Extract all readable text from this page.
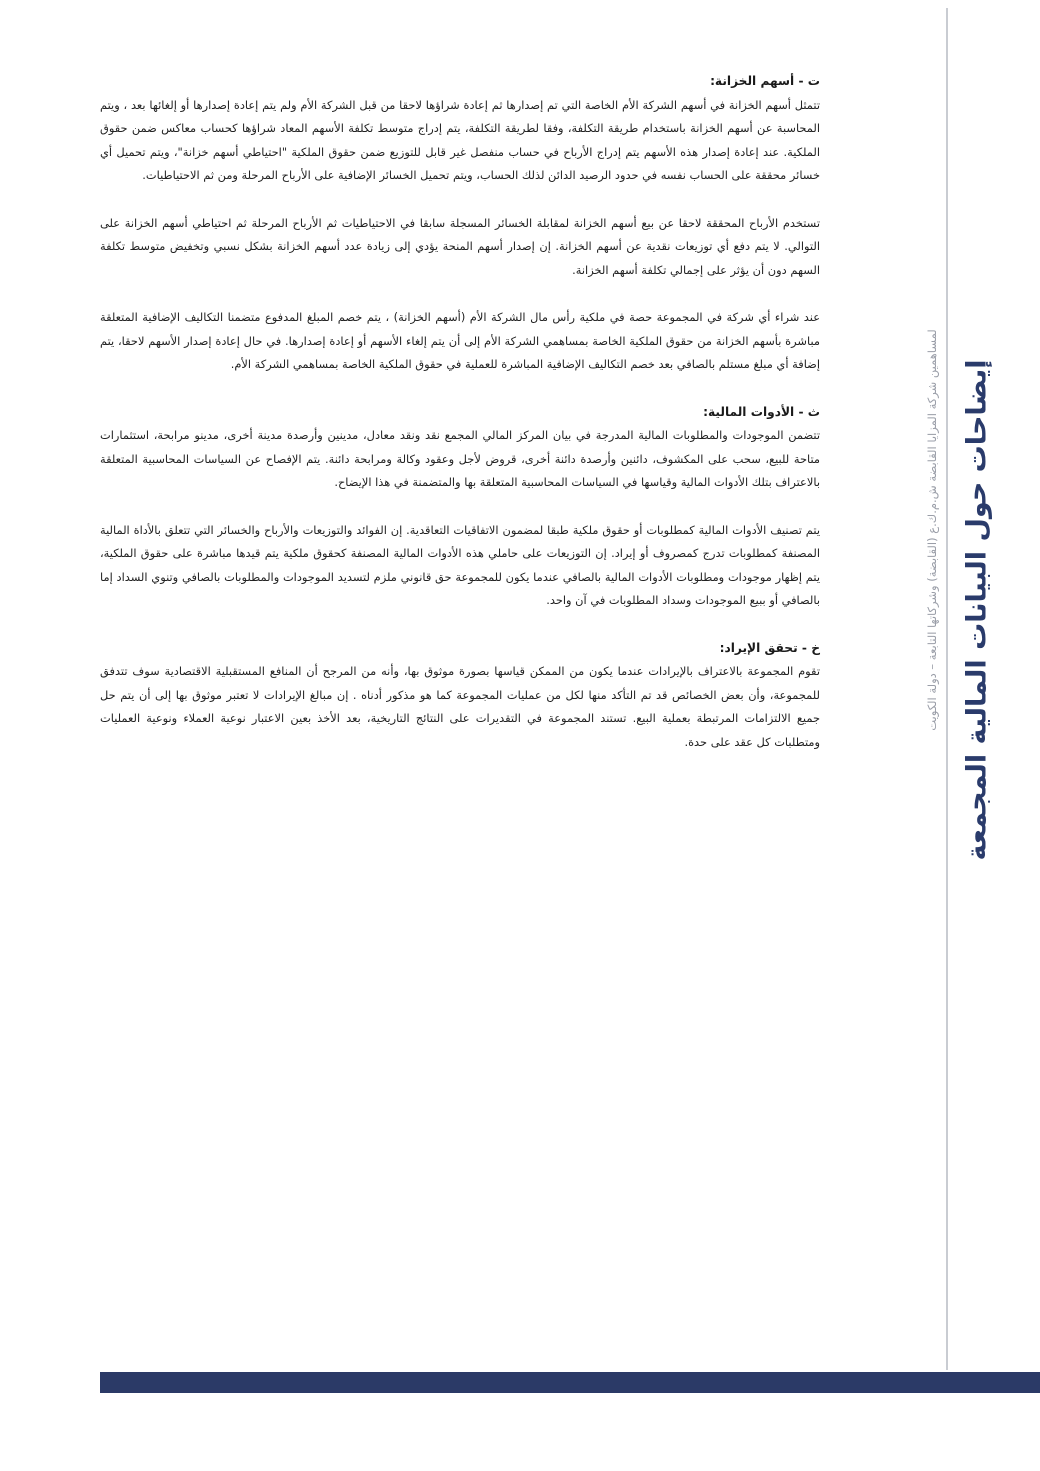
إيضاحات حول البيانات المالية المجمعة
لمساهمين شركة المزايا القابضة ش.م.ك.ع (القابضة) وشركاتها التابعة – دولة الكويت
ت - أسهم الخزانة:

تتمثل أسهم الخزانة في أسهم الشركة الأم الخاصة التي تم إصدارها ثم إعادة شراؤها لاحقا من قبل الشركة الأم ولم يتم إعادة إصدارها أو إلغائها بعد ، ويتم المحاسبة عن أسهم الخزانة باستخدام طريقة التكلفة، وفقا لطريقة التكلفة، يتم إدراج متوسط تكلفة الأسهم المعاد شراؤها كحساب معاكس ضمن حقوق الملكية. عند إعادة إصدار هذه الأسهم يتم إدراج الأرباح في حساب منفصل غير قابل للتوزيع ضمن حقوق الملكية "احتياطي أسهم خزانة"، ويتم تحميل أي خسائر محققة على الحساب نفسه في حدود الرصيد الدائن لذلك الحساب، ويتم تحميل الخسائر الإضافية على الأرباح المرحلة ومن ثم الاحتياطيات.

تستخدم الأرباح المحققة لاحقا عن بيع أسهم الخزانة لمقابلة الخسائر المسجلة سابقا في الاحتياطيات ثم الأرباح المرحلة ثم احتياطي أسهم الخزانة على التوالي. لا يتم دفع أي توزيعات نقدية عن أسهم الخزانة. إن إصدار أسهم المنحة يؤدي إلى زيادة عدد أسهم الخزانة بشكل نسبي وتخفيض متوسط تكلفة السهم دون أن يؤثر على إجمالي تكلفة أسهم الخزانة.

عند شراء أي شركة في المجموعة حصة في ملكية رأس مال الشركة الأم (أسهم الخزانة) ، يتم خصم المبلغ المدفوع متضمنا التكاليف الإضافية المتعلقة مباشرة بأسهم الخزانة من حقوق الملكية الخاصة بمساهمي الشركة الأم إلى أن يتم إلغاء الأسهم أو إعادة إصدارها. في حال إعادة إصدار الأسهم لاحقا، يتم إضافة أي مبلغ مستلم بالصافي بعد خصم التكاليف الإضافية المباشرة للعملية في حقوق الملكية الخاصة بمساهمي الشركة الأم.

ث - الأدوات المالية:

تتضمن الموجودات والمطلوبات المالية المدرجة في بيان المركز المالي المجمع نقد ونقد معادل، مدينين وأرصدة مدينة أخرى، مدينو مرابحة، استثمارات متاحة للبيع، سحب على المكشوف، دائنين وأرصدة دائنة أخرى، قروض لأجل وعقود وكالة ومرابحة دائنة. يتم الإفصاح عن السياسات المحاسبية المتعلقة بالاعتراف بتلك الأدوات المالية وقياسها في السياسات المحاسبية المتعلقة بها والمتضمنة في هذا الإيضاح.

يتم تصنيف الأدوات المالية كمطلوبات أو حقوق ملكية طبقا لمضمون الاتفاقيات التعاقدية. إن الفوائد والتوزيعات والأرباح والخسائر التي تتعلق بالأداة المالية المصنفة كمطلوبات تدرج كمصروف أو إيراد. إن التوزيعات على حاملي هذه الأدوات المالية المصنفة كحقوق ملكية يتم قيدها مباشرة على حقوق الملكية، يتم إظهار موجودات ومطلوبات الأدوات المالية بالصافي عندما يكون للمجموعة حق قانوني ملزم لتسديد الموجودات والمطلوبات بالصافي وتنوي السداد إما بالصافي أو ببيع الموجودات وسداد المطلوبات في آن واحد.

خ - تحقق الإيراد:

تقوم المجموعة بالاعتراف بالإيرادات عندما يكون من الممكن قياسها بصورة موثوق بها، وأنه من المرجح أن المنافع المستقبلية الاقتصادية سوف تتدفق للمجموعة، وأن بعض الخصائص قد تم التأكد منها لكل من عمليات المجموعة كما هو مذكور أدناه . إن مبالغ الإيرادات لا تعتبر موثوق بها إلى أن يتم حل جميع الالتزامات المرتبطة بعملية البيع. تستند المجموعة في التقديرات على النتائج التاريخية، بعد الأخذ بعين الاعتبار نوعية العملاء ونوعية العمليات ومتطلبات كل عقد على حدة.
